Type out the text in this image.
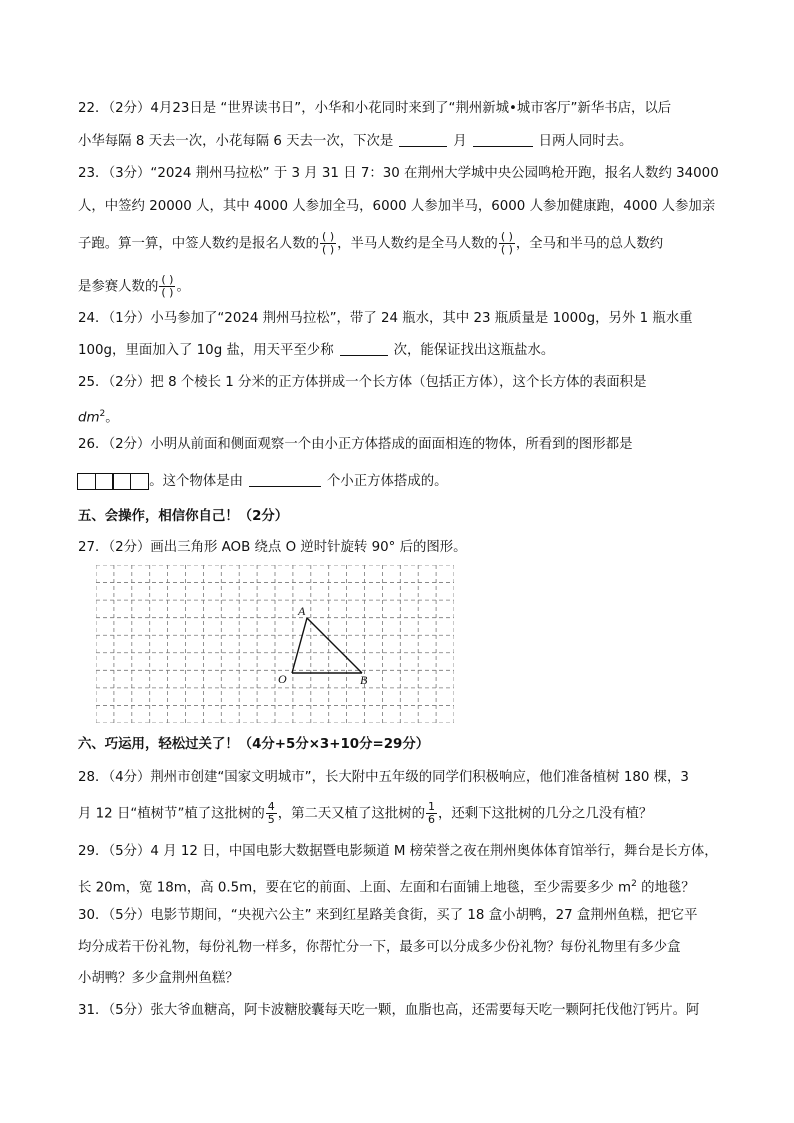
22．（2分）4月23日是 “世界读书日”，小华和小花同时来到了“荆州新城•城市客厅”新华书店，以后
小华每隔 8 天去一次，小花每隔 6 天去一次，下次是	月	日两人同时去。
23．（3分）“2024 荆州马拉松” 于 3 月 31 日 7：30 在荆州大学城中央公园鸣枪开跑，报名人数约 34000
人，中签约 20000 人，其中 4000 人参加全马，6000 人参加半马，6000 人参加健康跑，4000 人参加亲
子跑。算一算，中签人数约是报名人数的 $\frac{( )}{( )}$ ，半马人数约是全马人数的 $\frac{( )}{( )}$ ，全马和半马的总人数约
是参赛人数的 $\frac{( )}{( )}$ 。
24．（1分）小马参加了“2024 荆州马拉松”，带了 24 瓶水，其中 23 瓶质量是 1000g，另外 1 瓶水重
100g，里面加入了 10g 盐，用天平至少称	次，能保证找出这瓶盐水。
25．（2分）把 8 个棱长 1 分米的正方体拼成一个长方体（包括正方体），这个长方体的表面积是
$dm^2$。
26．（2分）小明从前面和侧面观察一个由小正方体搭成的面面相连的物体，所看到的图形都是
。这个物体是由	个小正方体搭成的。
五、会操作，相信你自己！（2分）
27．（2分）画出三角形 AOB 绕点 O 逆时针旋转 90° 后的图形。
A
O	B
六、巧运用，轻松过关了！（4分+5分×3+10分=29分）
28．（4分）荆州市创建“国家文明城市”，长大附中五年级的同学们积极响应，他们准备植树 180 棵，3
月 12 日“植树节”植了这批树的 $\frac{4}{5}$ ，第二天又植了这批树的 $\frac{1}{6}$ ，还剩下这批树的几分之几没有植？
29．（5分）4 月 12 日，中国电影大数据暨电影频道 M 榜荣誉之夜在荆州奥体体育馆举行，舞台是长方体，
长 20m，宽 18m，高 0.5m，要在它的前面、上面、左面和右面铺上地毯，至少需要多少 $m^2$ 的地毯？
30．（5分）电影节期间，“央视六公主” 来到红星路美食街，买了 18 盒小胡鸭，27 盒荆州鱼糕，把它平
均分成若干份礼物，每份礼物一样多，你帮忙分一下，最多可以分成多少份礼物？每份礼物里有多少盒
小胡鸭？多少盒荆州鱼糕？
31．（5分）张大爷血糖高，阿卡波糖胶囊每天吃一颗，血脂也高，还需要每天吃一颗阿托伐他汀钙片。阿
